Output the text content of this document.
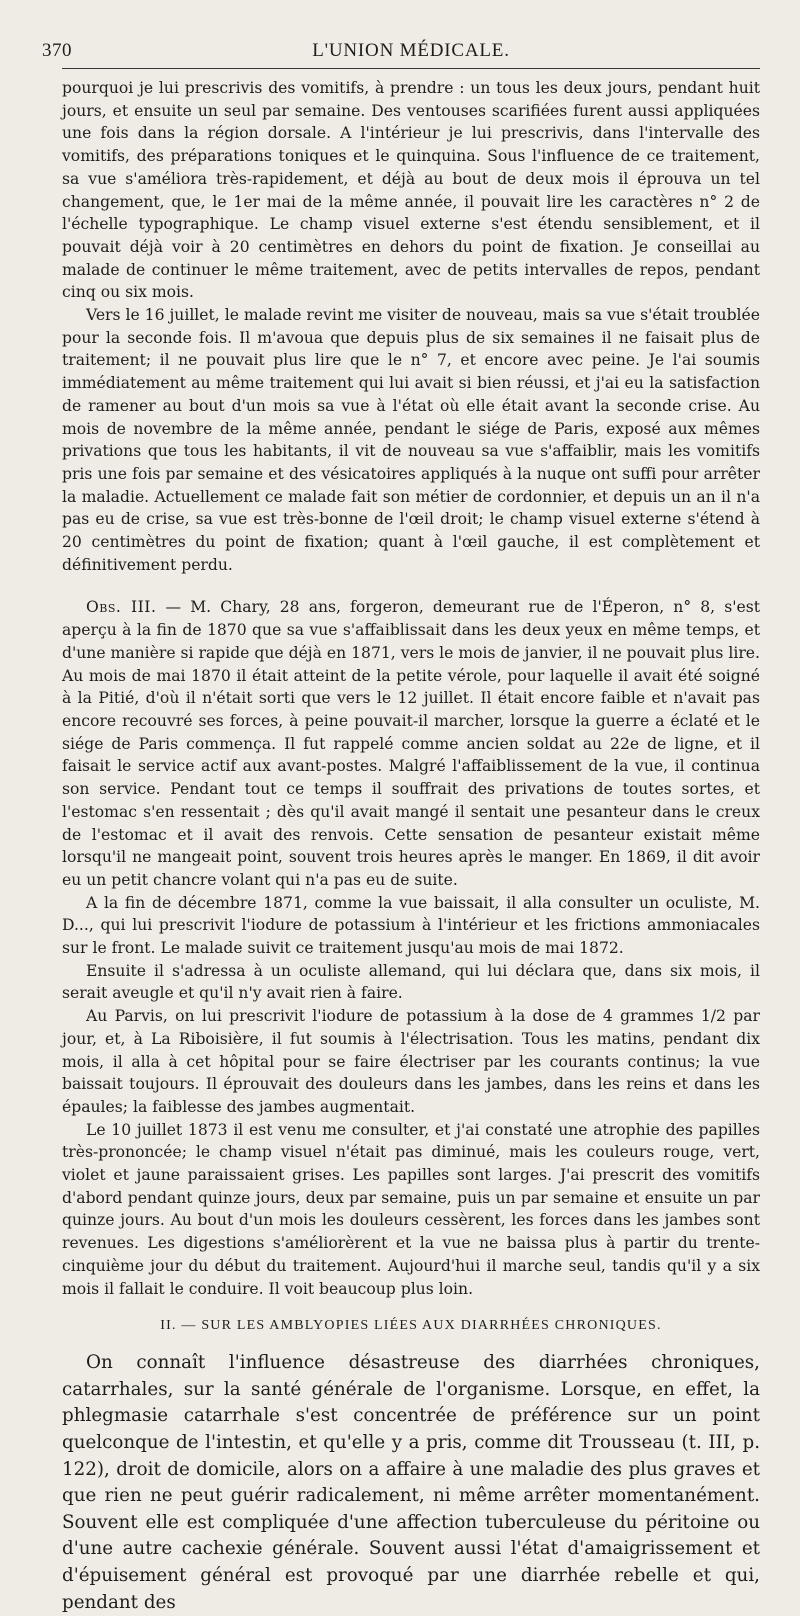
370	L'UNION MÉDICALE.

pourquoi je lui prescrivis des vomitifs, à prendre : un tous les deux jours, pendant huit jours, et ensuite un seul par semaine. Des ventouses scarifiées furent aussi appliquées une fois dans la région dorsale. A l'intérieur je lui prescrivis, dans l'intervalle des vomitifs, des préparations toniques et le quinquina. Sous l'influence de ce traitement, sa vue s'améliora très-rapidement, et déjà au bout de deux mois il éprouva un tel changement, que, le 1er mai de la même année, il pouvait lire les caractères n° 2 de l'échelle typographique. Le champ visuel externe s'est étendu sensiblement, et il pouvait déjà voir à 20 centimètres en dehors du point de fixation. Je conseillai au malade de continuer le même traitement, avec de petits intervalles de repos, pendant cinq ou six mois.

Vers le 16 juillet, le malade revint me visiter de nouveau, mais sa vue s'était troublée pour la seconde fois. Il m'avoua que depuis plus de six semaines il ne faisait plus de traitement; il ne pouvait plus lire que le n° 7, et encore avec peine. Je l'ai soumis immédiatement au même traitement qui lui avait si bien réussi, et j'ai eu la satisfaction de ramener au bout d'un mois sa vue à l'état où elle était avant la seconde crise. Au mois de novembre de la même année, pendant le siége de Paris, exposé aux mêmes privations que tous les habitants, il vit de nouveau sa vue s'affaiblir, mais les vomitifs pris une fois par semaine et des vésicatoires appliqués à la nuque ont suffi pour arrêter la maladie. Actuellement ce malade fait son métier de cordonnier, et depuis un an il n'a pas eu de crise, sa vue est très-bonne de l'œil droit; le champ visuel externe s'étend à 20 centimètres du point de fixation; quant à l'œil gauche, il est complètement et définitivement perdu.

Obs. III. — M. Chary, 28 ans, forgeron, demeurant rue de l'Éperon, n° 8, s'est aperçu à la fin de 1870 que sa vue s'affaiblissait dans les deux yeux en même temps, et d'une manière si rapide que déjà en 1871, vers le mois de janvier, il ne pouvait plus lire. Au mois de mai 1870 il était atteint de la petite vérole, pour laquelle il avait été soigné à la Pitié, d'où il n'était sorti que vers le 12 juillet. Il était encore faible et n'avait pas encore recouvré ses forces, à peine pouvait-il marcher, lorsque la guerre a éclaté et le siége de Paris commença. Il fut rappelé comme ancien soldat au 22e de ligne, et il faisait le service actif aux avant-postes. Malgré l'affaiblissement de la vue, il continua son service. Pendant tout ce temps il souffrait des privations de toutes sortes, et l'estomac s'en ressentait ; dès qu'il avait mangé il sentait une pesanteur dans le creux de l'estomac et il avait des renvois. Cette sensation de pesanteur existait même lorsqu'il ne mangeait point, souvent trois heures après le manger. En 1869, il dit avoir eu un petit chancre volant qui n'a pas eu de suite.

A la fin de décembre 1871, comme la vue baissait, il alla consulter un oculiste, M. D..., qui lui prescrivit l'iodure de potassium à l'intérieur et les frictions ammoniacales sur le front. Le malade suivit ce traitement jusqu'au mois de mai 1872.

Ensuite il s'adressa à un oculiste allemand, qui lui déclara que, dans six mois, il serait aveugle et qu'il n'y avait rien à faire.

Au Parvis, on lui prescrivit l'iodure de potassium à la dose de 4 grammes 1/2 par jour, et, à La Riboisière, il fut soumis à l'électrisation. Tous les matins, pendant dix mois, il alla à cet hôpital pour se faire électriser par les courants continus; la vue baissait toujours. Il éprouvait des douleurs dans les jambes, dans les reins et dans les épaules; la faiblesse des jambes augmentait.

Le 10 juillet 1873 il est venu me consulter, et j'ai constaté une atrophie des papilles très-prononcée; le champ visuel n'était pas diminué, mais les couleurs rouge, vert, violet et jaune paraissaient grises. Les papilles sont larges. J'ai prescrit des vomitifs d'abord pendant quinze jours, deux par semaine, puis un par semaine et ensuite un par quinze jours. Au bout d'un mois les douleurs cessèrent, les forces dans les jambes sont revenues. Les digestions s'améliorèrent et la vue ne baissa plus à partir du trente-cinquième jour du début du traitement. Aujourd'hui il marche seul, tandis qu'il y a six mois il fallait le conduire. Il voit beaucoup plus loin.

II. — SUR LES AMBLYOPIES LIÉES AUX DIARRHÉES CHRONIQUES.

On connaît l'influence désastreuse des diarrhées chroniques, catarrhales, sur la santé générale de l'organisme. Lorsque, en effet, la phlegmasie catarrhale s'est concentrée de préférence sur un point quelconque de l'intestin, et qu'elle y a pris, comme dit Trousseau (t. III, p. 122), droit de domicile, alors on a affaire à une maladie des plus graves et que rien ne peut guérir radicalement, ni même arrêter momentanément. Souvent elle est compliquée d'une affection tuberculeuse du péritoine ou d'une autre cachexie générale. Souvent aussi l'état d'amaigrissement et d'épuisement général est provoqué par une diarrhée rebelle et qui, pendant des
